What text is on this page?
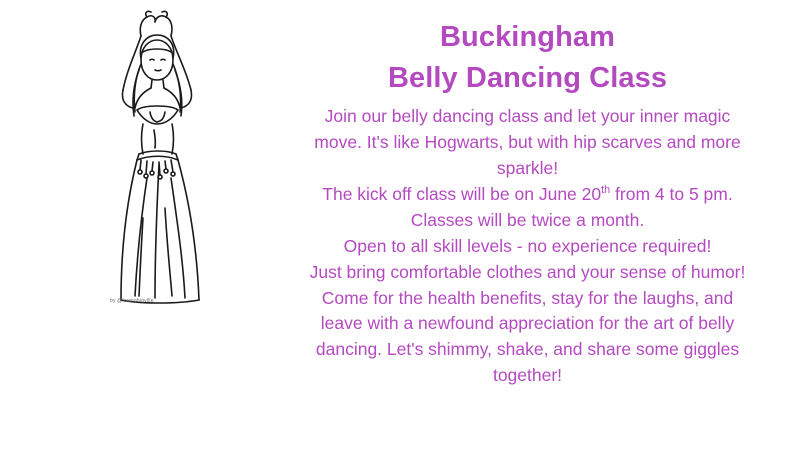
by @lovingbigville
Buckingham
Belly Dancing Class

Join our belly dancing class and let your inner magic move. It's like Hogwarts, but with hip scarves and more sparkle!

The kick off class will be on June 20th from 4 to 5 pm. Classes will be twice a month.

Open to all skill levels - no experience required!

Just bring comfortable clothes and your sense of humor!

Come for the health benefits, stay for the laughs, and leave with a newfound appreciation for the art of belly dancing. Let's shimmy, shake, and share some giggles together!
